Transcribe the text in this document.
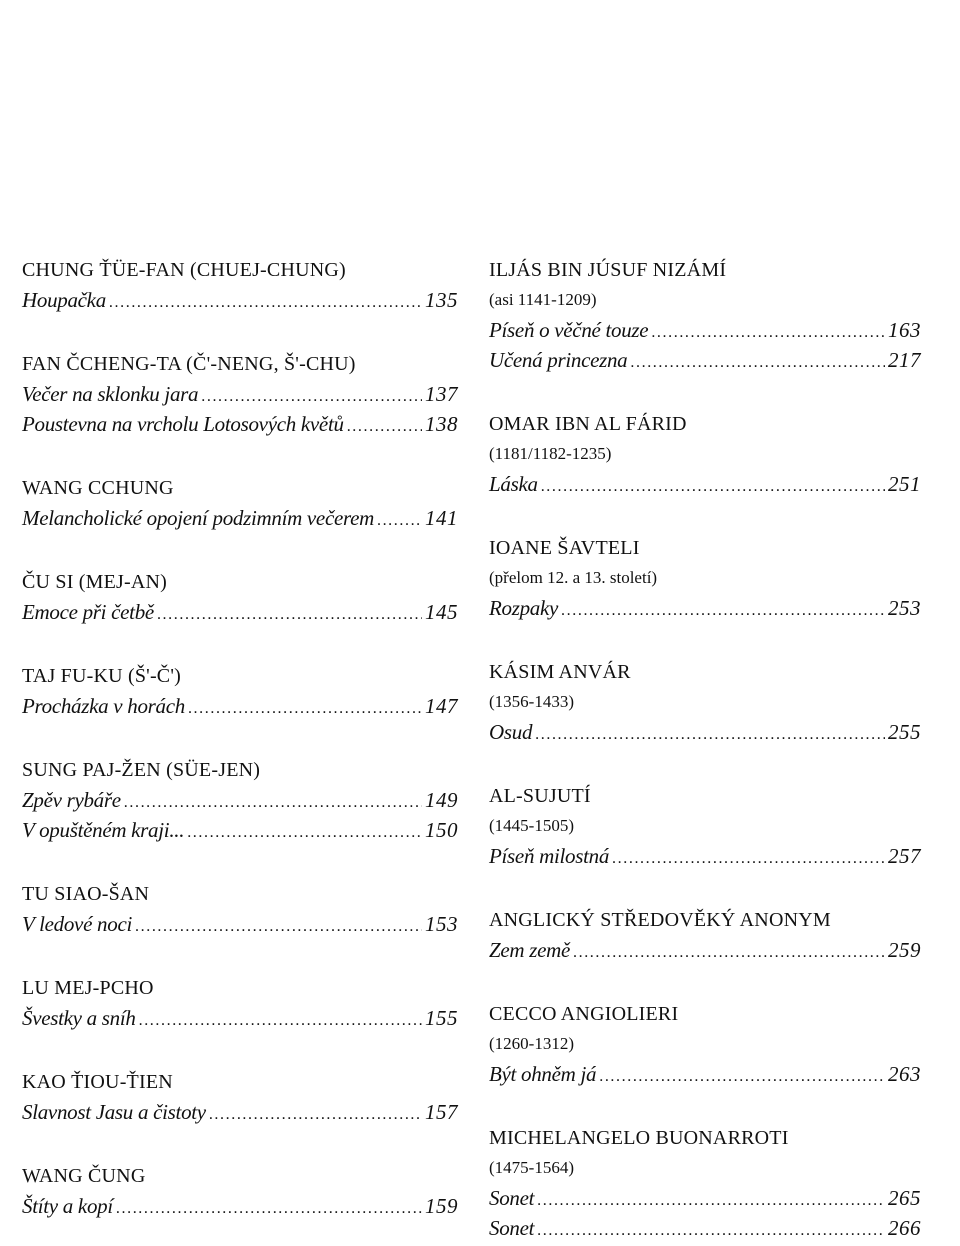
CHUNG ŤÜE-FAN (CHUEJ-CHUNG)
Houpačka . . .	135
FAN ČCHENG-TA (Č'-NENG, Š'-CHU)
Večer na sklonku jara . . .	137
Poustevna na vrcholu Lotosových květů . . .	138
WANG CCHUNG
Melancholické opojení podzimním večerem . . . 141
ČU SI (MEJ-AN)
Emoce při četbě . . .	145
TAJ FU-KU (Š'-Č')
Procházka v horách . . .	147
SUNG PAJ-ŽEN (SÜE-JEN)
Zpěv rybáře . . .	149
V opuštěném kraji... . . .	150
TU SIAO-ŠAN
V ledové noci . . .	153
LU MEJ-PCHO
Švestky a sníh . . .	155
KAO ŤIOU-ŤIEN
Slavnost Jasu a čistoty . . .	157
WANG ČUNG
Štíty a kopí . . .	159
ILJÁS BIN JÚSUF NIZÁMÍ
(asi 1141-1209)
Píseň o věčné touze . . .	163
Učená princezna . . .	217
OMAR IBN AL FÁRID
(1181/1182-1235)
Láska . . .	251
IOANE ŠAVTELI
(přelom 12. a 13. století)
Rozpaky . . .	253
KÁSIM ANVÁR
(1356-1433)
Osud . . .	255
AL-SUJUTÍ
(1445-1505)
Píseň milostná . . .	257
ANGLICKÝ STŘEDOVĚKÝ ANONYM
Zem země . . .	259
CECCO ANGIOLIERI
(1260-1312)
Být ohněm já . . .	263
MICHELANGELO BUONARROTI
(1475-1564)
Sonet . . .	265
Sonet . . .	266
